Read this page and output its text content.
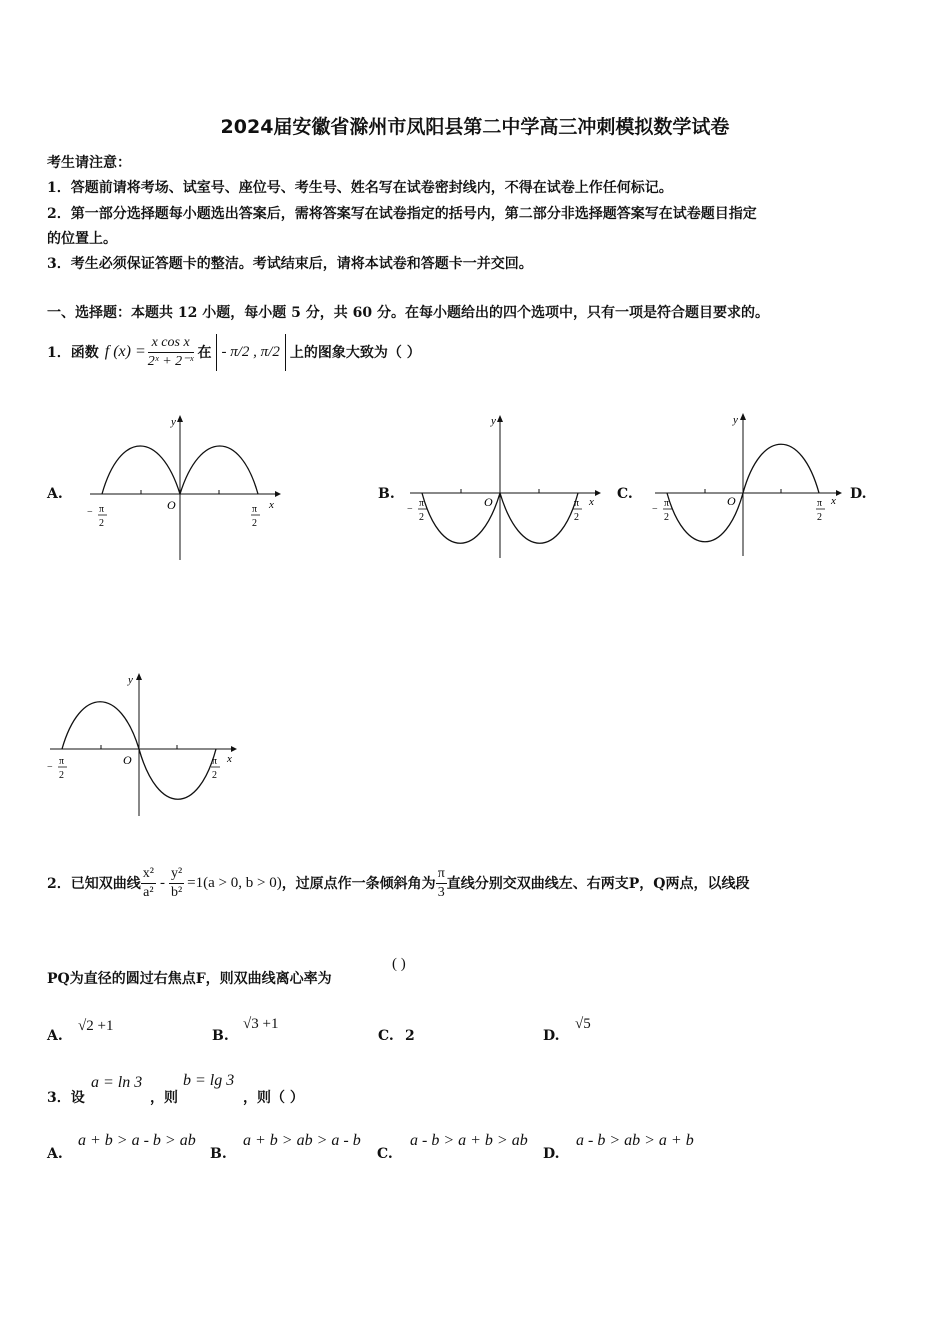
2024届安徽省滁州市凤阳县第二中学高三冲刺模拟数学试卷
考生请注意：
1．答题前请将考场、试室号、座位号、考生号、姓名写在试卷密封线内，不得在试卷上作任何标记。
2．第一部分选择题每小题选出答案后，需将答案写在试卷指定的括号内，第二部分非选择题答案写在试卷题目指定
的位置上。
3．考生必须保证答题卡的整洁。考试结束后，请将本试卷和答题卡一并交回。
一、选择题：本题共 12 小题，每小题 5 分，共 60 分。在每小题给出的四个选项中，只有一项是符合题目要求的。
1．函数 f $(x) = \frac{\text{x cos x}}{\text{2ˣ + 2⁻ˣ}}$ 在 - π/2 , π/2 上的图象大致为（ ）
A.	B.	C.	D.
y
x
O
− π
2
π
2
y
x
O
−
π
2
π
2
y
x
O
−
π
2
π
2
y
x
O
−
π
2
π
2
2．已知双曲线 $\frac{\text{x²}}{\text{a²}} - \frac{\text{y²}}{\text{b²}} =1(a > 0$, b > 0) ，过原点作一条倾斜角为 $\frac{\pi}{3}$ 直线分别交双曲线左、右两支P，Q两点，以线段
PQ为直径的圆过右焦点F，则双曲线离心率为
( )
A.
√2 +1
B.
√3 +1
C. 2	D.
√5
3．设
a = ln 3
，则
b = lg 3
，则（ ）
A.
a + b > a - b > ab
B.
a + b > ab > a - b
C.
a - b > a + b > ab
D.
a - b > ab > a + b
